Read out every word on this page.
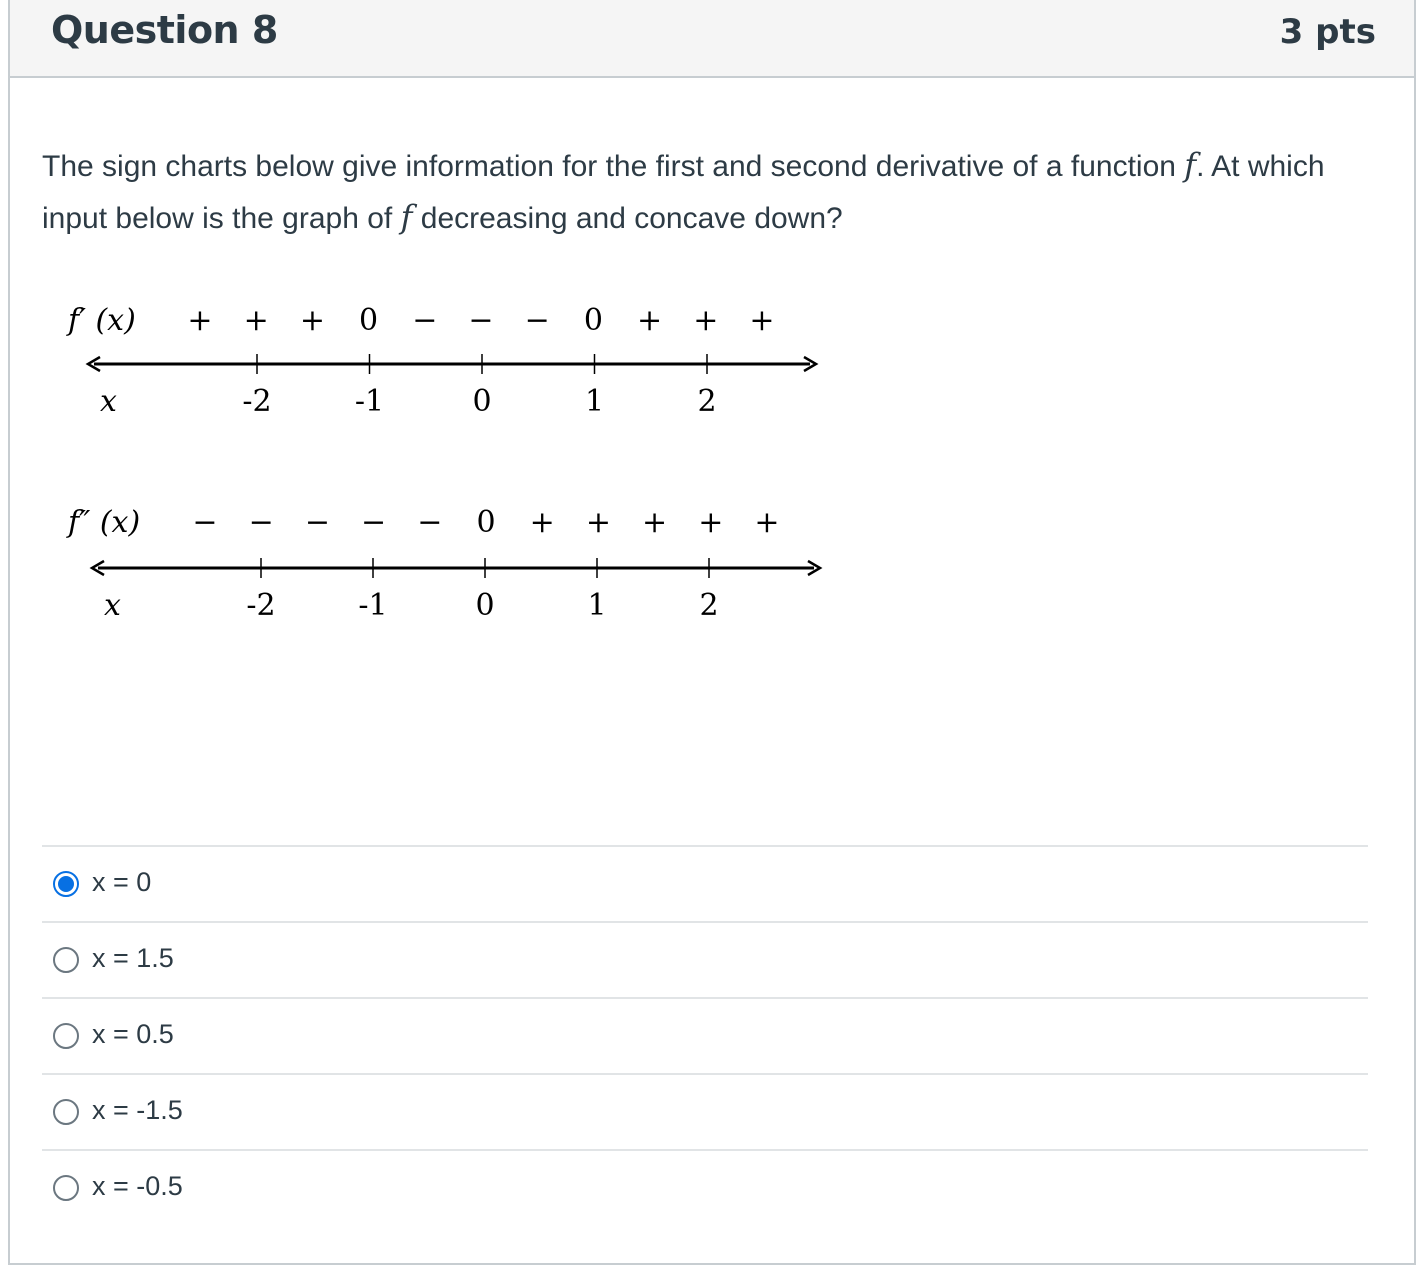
Question 8	3 pts
The sign charts below give information for the first and second derivative of a function f. At which input below is the graph of f decreasing and concave down?
f′ (x) + + + 0 − − − 0 + + +
-2	-1	0	1	2
x
f″ (x) − − − − − 0 + + + + +
-2	-1	0	1	2
x
x = 0
x = 1.5
x = 0.5
x = -1.5
x = -0.5
